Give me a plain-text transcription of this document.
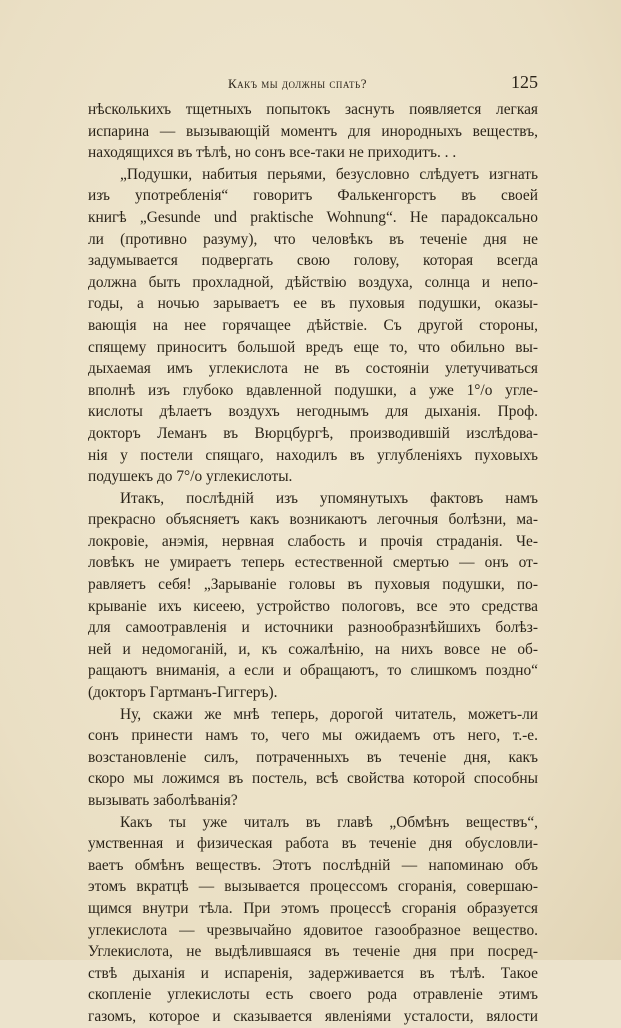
Какъ мы должны спать?	125
нѣсколькихъ тщетныхъ попытокъ заснуть появляется легкая
испарина — вызывающій моментъ для инородныхъ веществъ,
находящихся въ тѣлѣ, но сонъ все-таки не приходитъ. . .
„Подушки, набитыя перьями, безусловно слѣдуетъ изгнать
изъ употребленія“ говоритъ Фалькенгорстъ въ своей
книгѣ „Gesunde und praktische Wohnung“. Не парадоксально
ли (противно разуму), что человѣкъ въ теченіе дня не
задумывается подвергать свою голову, которая всегда
должна быть прохладной, дѣйствію воздуха, солнца и непо-
годы, а ночью зарываетъ ее въ пуховыя подушки, оказы-
вающія на нее горячащее дѣйствіе. Съ другой стороны,
спящему приноситъ большой вредъ еще то, что обильно вы-
дыхаемая имъ углекислота не въ состояніи улетучиваться
вполнѣ изъ глубоко вдавленной подушки, а уже 1°/о угле-
кислоты дѣлаетъ воздухъ негоднымъ для дыханія. Проф.
докторъ Леманъ въ Вюрцбургѣ, производившій изслѣдова-
нія у постели спящаго, находилъ въ углубленіяхъ пуховыхъ
подушекъ до 7°/о углекислоты.
Итакъ, послѣдній изъ упомянутыхъ фактовъ намъ
прекрасно объясняетъ какъ возникаютъ легочныя болѣзни, ма-
локровіе, анэмія, нервная слабость и прочія страданія. Че-
ловѣкъ не умираетъ теперь естественной смертью — онъ от-
равляетъ себя! „Зарываніе головы въ пуховыя подушки, по-
крываніе ихъ кисеею, устройство пологовъ, все это средства
для самоотравленія и источники разнообразнѣйшихъ болѣз-
ней и недомоганій, и, къ сожалѣнію, на нихъ вовсе не об-
ращаютъ вниманія, а если и обращаютъ, то слишкомъ поздно“
(докторъ Гартманъ-Гиггеръ).
Ну, скажи же мнѣ теперь, дорогой читатель, можетъ-ли
сонъ принести намъ то, чего мы ожидаемъ отъ него, т.-е.
возстановленіе силъ, потраченныхъ въ теченіе дня, какъ
скоро мы ложимся въ постель, всѣ свойства которой способны
вызывать заболѣванія?
Какъ ты уже читалъ въ главѣ „Обмѣнъ веществъ“,
умственная и физическая работа въ теченіе дня обусловли-
ваетъ обмѣнъ веществъ. Этотъ послѣдній — напоминаю объ
этомъ вкратцѣ — вызывается процессомъ сгоранія, совершаю-
щимся внутри тѣла. При этомъ процессѣ сгоранія образуется
углекислота — чрезвычайно ядовитое газообразное вещество.
Углекислота, не выдѣлившаяся въ теченіе дня при посред-
ствѣ дыханія и испаренія, задерживается въ тѣлѣ. Такое
скопленіе углекислоты есть своего рода отравленіе этимъ
газомъ, которое и сказывается явленіями усталости, вялости
